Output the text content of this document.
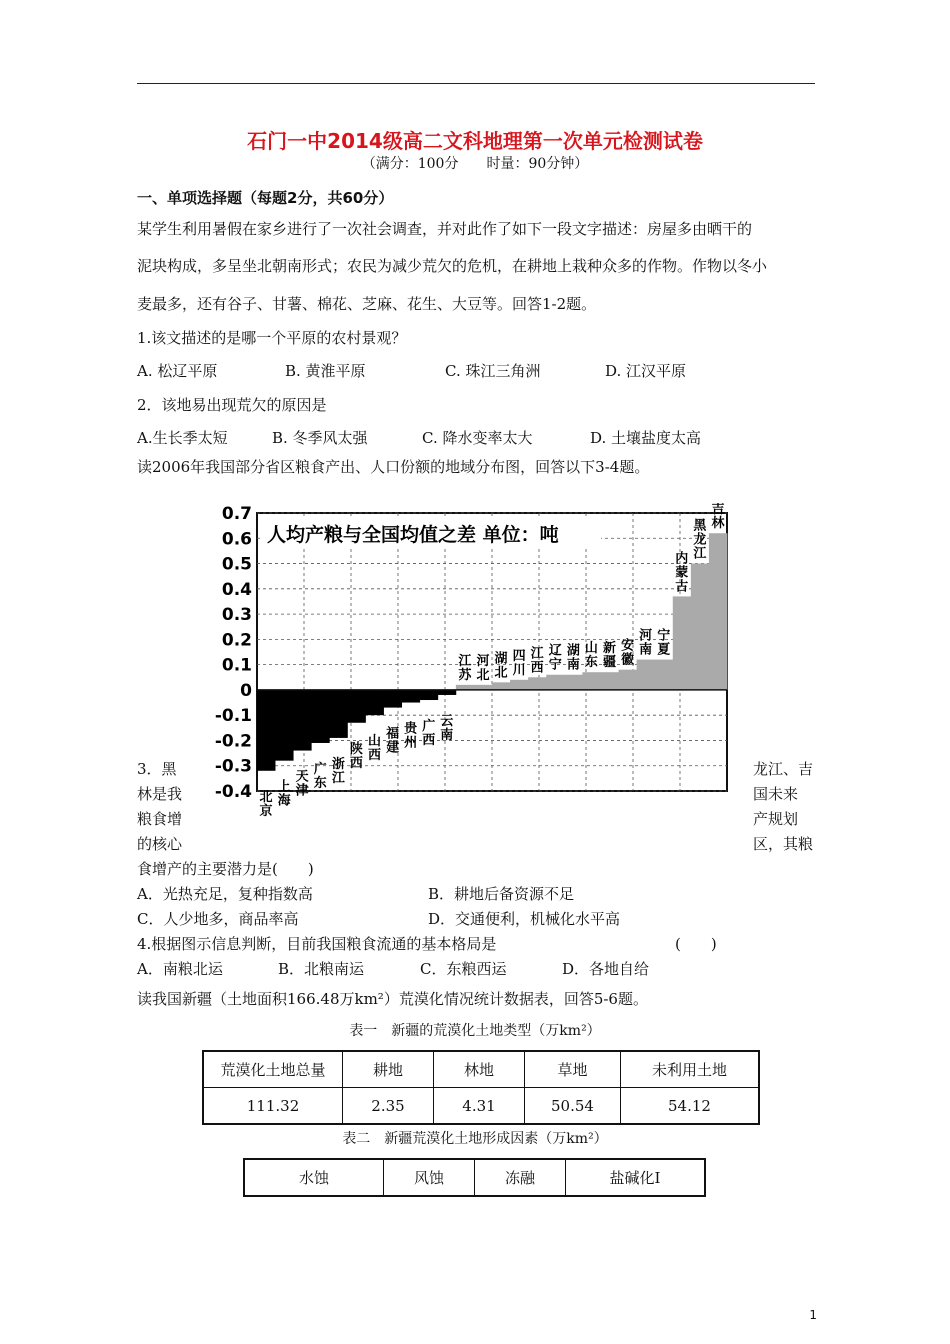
石门一中2014级高二文科地理第一次单元检测试卷
（满分：100分　　时量：90分钟）
一、单项选择题（每题2分，共60分）
某学生利用暑假在家乡进行了一次社会调查，并对此作了如下一段文字描述：房屋多由晒干的
泥块构成，多呈坐北朝南形式；农民为减少荒欠的危机，在耕地上栽种众多的作物。作物以冬小
麦最多，还有谷子、甘薯、棉花、芝麻、花生、大豆等。回答1-2题。
1.该文描述的是哪一个平原的农村景观？
A. 松辽平原	B. 黄淮平原	C. 珠江三角洲	D. 江汉平原
2．该地易出现荒欠的原因是
A.生长季太短	B. 冬季风太强	C. 降水变率太大	D. 土壤盐度太高
读2006年我国部分省区粮食产出、人口份额的地域分布图，回答以下3-4题。
0.7
0.6
0.5
0.4
0.3
0.2
0.1
0
-0.1
-0.2
-0.3
-0.4 北京
上海
天津
广东
浙江
陕西
山西
福建
贵州
广西
云南
江苏
河北
湖北
四川
江西
辽宁
湖南
山东
新疆
安徽
河南
宁夏
内蒙古
黑龙江
吉林
人均产粮与全国均值之差 单位：吨
3．黑	龙江、吉
林是我	国未来
粮食增	产规划
的核心	区，其粮
食增产的主要潜力是(　　)
A．光热充足，复种指数高	B．耕地后备资源不足
C．人少地多，商品率高	D．交通便利，机械化水平高
4.根据图示信息判断，目前我国粮食流通的基本格局是	(　　)
A．南粮北运	B．北粮南运	C．东粮西运	D．各地自给
读我国新疆（土地面积166.48万km²）荒漠化情况统计数据表，回答5-6题。
表一　新疆的荒漠化土地类型（万km²）
荒漠化土地总量	耕地	林地	草地	未利用土地
111.32	2.35	4.31	50.54	54.12
表二　新疆荒漠化土地形成因素（万km²）
水蚀	风蚀	冻融	盐碱化I
1
